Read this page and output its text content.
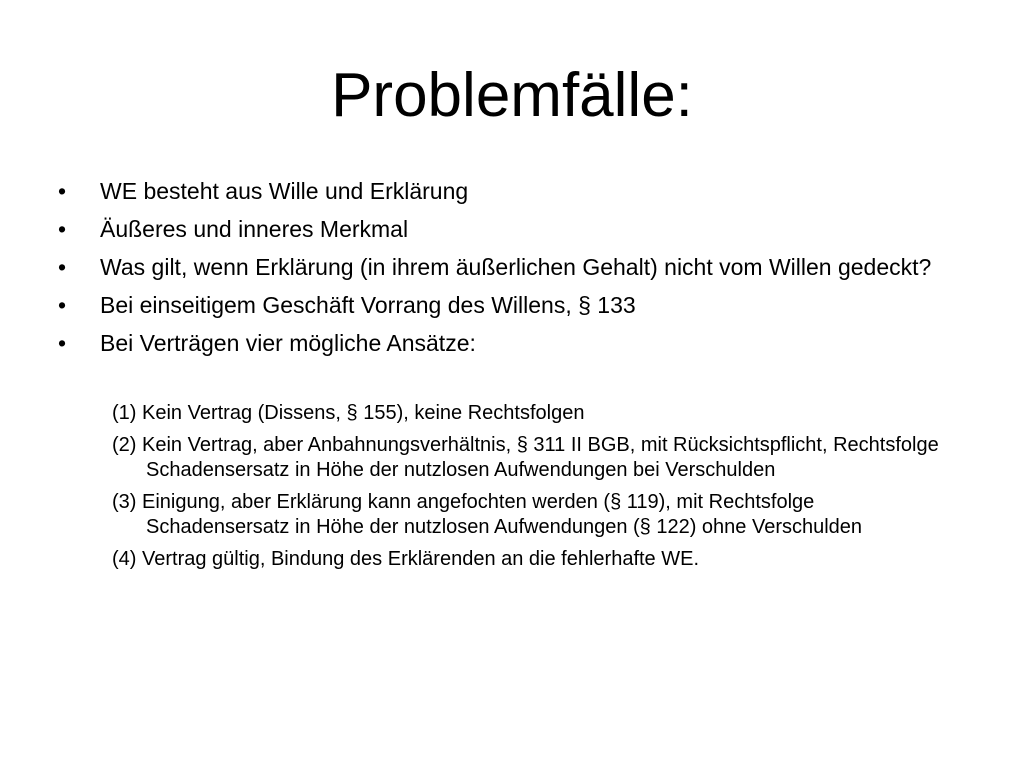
Problemfälle:
•	WE besteht aus Wille und Erklärung
•	Äußeres und inneres Merkmal
•	Was gilt, wenn Erklärung (in ihrem äußerlichen Gehalt) nicht vom Willen gedeckt?
•	Bei einseitigem Geschäft Vorrang des Willens, § 133
•	Bei Verträgen vier mögliche Ansätze:
(1) Kein Vertrag (Dissens, § 155), keine Rechtsfolgen
(2) Kein Vertrag, aber Anbahnungsverhältnis, § 311 II BGB, mit Rücksichtspflicht, Rechtsfolge Schadensersatz in Höhe der nutzlosen Aufwendungen bei Verschulden
(3) Einigung, aber Erklärung kann angefochten werden (§ 119), mit Rechtsfolge Schadensersatz in Höhe der nutzlosen Aufwendungen (§ 122) ohne Verschulden
(4) Vertrag gültig, Bindung des Erklärenden an die fehlerhafte WE.
